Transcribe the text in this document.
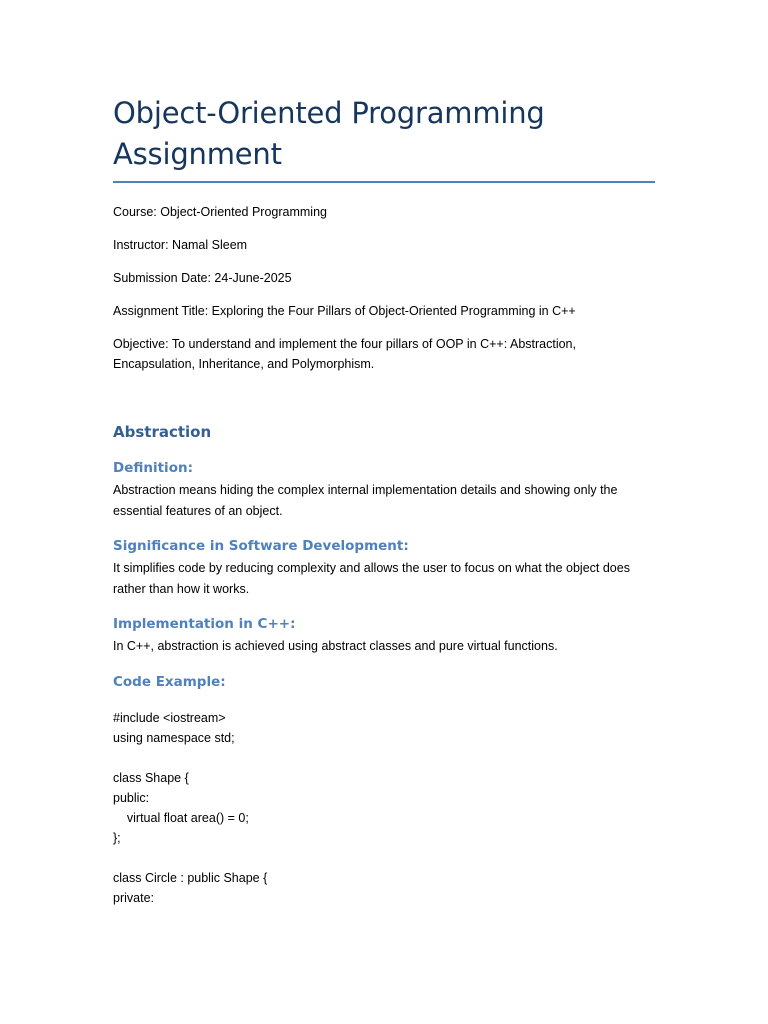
Object-Oriented Programming Assignment

Course: Object-Oriented Programming

Instructor: Namal Sleem

Submission Date: 24-June-2025

Assignment Title: Exploring the Four Pillars of Object-Oriented Programming in C++

Objective: To understand and implement the four pillars of OOP in C++: Abstraction, Encapsulation, Inheritance, and Polymorphism.

Abstraction
Definition:

Abstraction means hiding the complex internal implementation details and showing only the essential features of an object.

Significance in Software Development:

It simplifies code by reducing complexity and allows the user to focus on what the object does rather than how it works.

Implementation in C++:

In C++, abstraction is achieved using abstract classes and pure virtual functions.

Code Example:
#include <iostream>
using namespace std;
class Shape {
public:
virtual float area() = 0;
};
class Circle : public Shape {
private:
